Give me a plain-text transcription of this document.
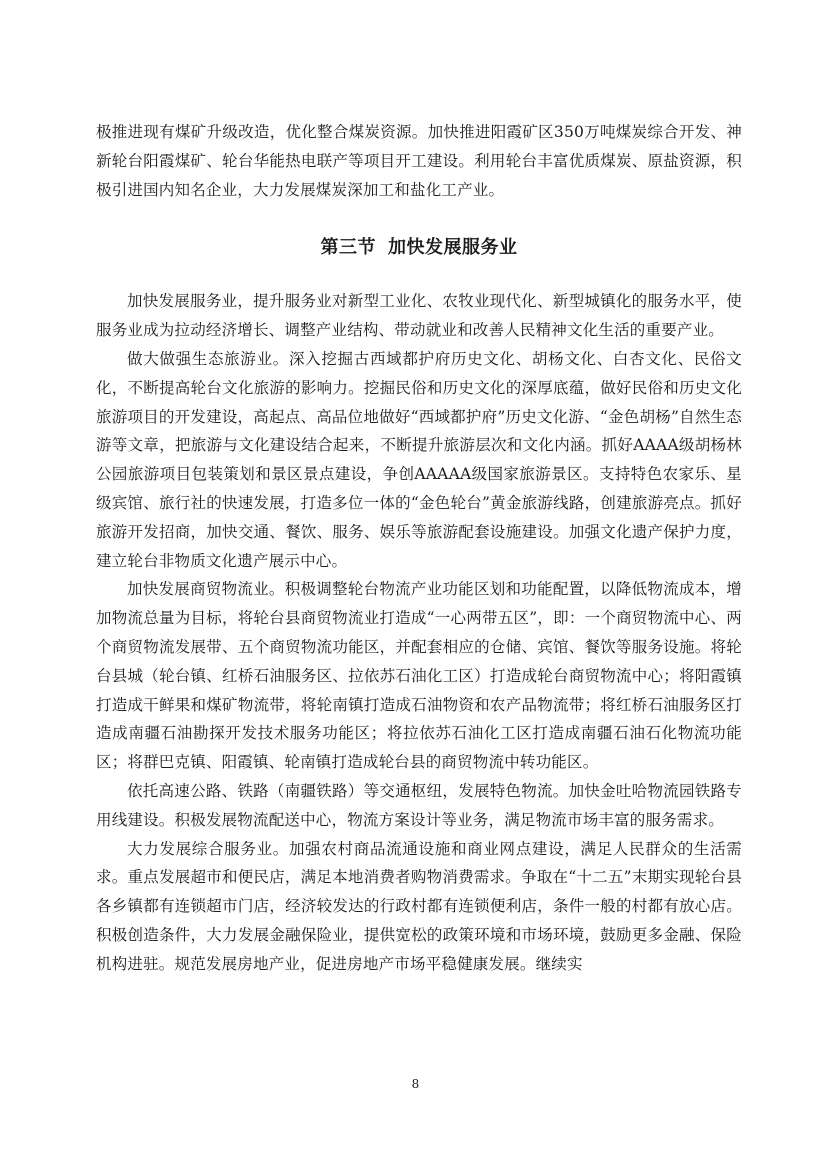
极推进现有煤矿升级改造，优化整合煤炭资源。加快推进阳霞矿区350万吨煤炭综合开发、神新轮台阳霞煤矿、轮台华能热电联产等项目开工建设。利用轮台丰富优质煤炭、原盐资源，积极引进国内知名企业，大力发展煤炭深加工和盐化工产业。

第三节 加快发展服务业

加快发展服务业，提升服务业对新型工业化、农牧业现代化、新型城镇化的服务水平，使服务业成为拉动经济增长、调整产业结构、带动就业和改善人民精神文化生活的重要产业。

做大做强生态旅游业。深入挖掘古西域都护府历史文化、胡杨文化、白杏文化、民俗文化，不断提高轮台文化旅游的影响力。挖掘民俗和历史文化的深厚底蕴，做好民俗和历史文化旅游项目的开发建设，高起点、高品位地做好“西域都护府”历史文化游、“金色胡杨”自然生态游等文章，把旅游与文化建设结合起来，不断提升旅游层次和文化内涵。抓好AAAA级胡杨林公园旅游项目包装策划和景区景点建设，争创AAAAA级国家旅游景区。支持特色农家乐、星级宾馆、旅行社的快速发展，打造多位一体的“金色轮台”黄金旅游线路，创建旅游亮点。抓好旅游开发招商，加快交通、餐饮、服务、娱乐等旅游配套设施建设。加强文化遗产保护力度，建立轮台非物质文化遗产展示中心。

加快发展商贸物流业。积极调整轮台物流产业功能区划和功能配置，以降低物流成本，增加物流总量为目标，将轮台县商贸物流业打造成“一心两带五区”，即：一个商贸物流中心、两个商贸物流发展带、五个商贸物流功能区，并配套相应的仓储、宾馆、餐饮等服务设施。将轮台县城（轮台镇、红桥石油服务区、拉依苏石油化工区）打造成轮台商贸物流中心；将阳霞镇打造成干鲜果和煤矿物流带，将轮南镇打造成石油物资和农产品物流带；将红桥石油服务区打造成南疆石油勘探开发技术服务功能区；将拉依苏石油化工区打造成南疆石油石化物流功能区；将群巴克镇、阳霞镇、轮南镇打造成轮台县的商贸物流中转功能区。

依托高速公路、铁路（南疆铁路）等交通枢纽，发展特色物流。加快金吐哈物流园铁路专用线建设。积极发展物流配送中心，物流方案设计等业务，满足物流市场丰富的服务需求。

大力发展综合服务业。加强农村商品流通设施和商业网点建设，满足人民群众的生活需求。重点发展超市和便民店，满足本地消费者购物消费需求。争取在“十二五”末期实现轮台县各乡镇都有连锁超市门店，经济较发达的行政村都有连锁便利店，条件一般的村都有放心店。积极创造条件，大力发展金融保险业，提供宽松的政策环境和市场环境，鼓励更多金融、保险机构进驻。规范发展房地产业，促进房地产市场平稳健康发展。继续实

8
